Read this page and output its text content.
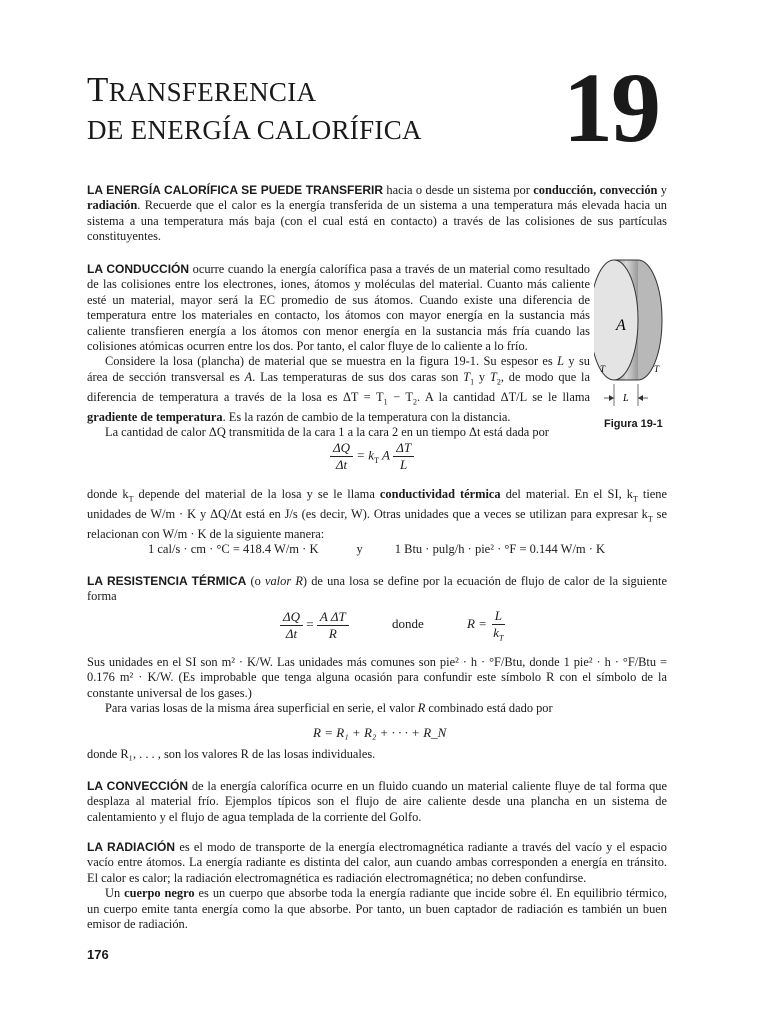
TRANSFERENCIA
DE ENERGÍA CALORÍFICA 19

LA ENERGÍA CALORÍFICA SE PUEDE TRANSFERIR hacia o desde un sistema por conducción, convección y radiación. Recuerde que el calor es la energía transferida de un sistema a una temperatura más elevada hacia un sistema a una temperatura más baja (con el cual está en contacto) a través de las colisiones de sus partículas constituyentes.

LA CONDUCCIÓN ocurre cuando la energía calorífica pasa a través de un material como resultado de las colisiones entre los electrones, iones, átomos y moléculas del material. Cuanto más caliente esté un material, mayor será la EC promedio de sus átomos. Cuando existe una diferencia de temperatura entre los materiales en contacto, los átomos con mayor energía en la sustancia más caliente transfieren energía a los átomos con menor energía en la sustancia más fría cuando las colisiones atómicas ocurren entre los dos. Por tanto, el calor fluye de lo caliente a lo frío.

Considere la losa (plancha) de material que se muestra en la figura 19-1. Su espesor es L y su área de sección transversal es A. Las temperaturas de sus dos caras son $T_1$ y $T_2$, de modo que la diferencia de temperatura a través de la losa es $\Delta T = T_1 - T_2$. A la cantidad ΔT/L se le llama gradiente de temperatura. Es la razón de cambio de la temperatura con la distancia.

La cantidad de calor ΔQ transmitida de la cara 1 a la cara 2 en un tiempo Δt está dada por

A
T	T
L
Figura 19-1
$\frac{\Delta Q}{\Delta t} = k_T$ A $\frac{\Delta T}{L}$

donde $k_T$ depende del material de la losa y se le llama conductividad térmica del material. En el SI, $k_T$ tiene unidades de W/m · K y ΔQ/Δt está en J/s (es decir, W). Otras unidades que a veces se utilizan para expresar $k_T$ se relacionan con W/m · K de la siguiente manera:

1 cal/s · cm · °C = 418.4 W/m · K	y	1 Btu · pulg/h · pie² · °F = 0.144 W/m · K

LA RESISTENCIA TÉRMICA (o valor R) de una losa se define por la ecuación de flujo de calor de la siguiente forma

$\frac{\Delta Q}{\Delta t} = \frac{\text{A ΔT}}{R}$	donde	$R = \frac{L}{k_T}$

Sus unidades en el SI son m² · K/W. Las unidades más comunes son pie² · h · °F/Btu, donde 1 pie² · h · °F/Btu = 0.176 m² · K/W. (Es improbable que tenga alguna ocasión para confundir este símbolo R con el símbolo de la constante universal de los gases.)

Para varias losas de la misma área superficial en serie, el valor R combinado está dado por

R = R₁ + R₂ + · · · + R_N

donde R₁, . . . , son los valores R de las losas individuales.

LA CONVECCIÓN de la energía calorífica ocurre en un fluido cuando un material caliente fluye de tal forma que desplaza al material frío. Ejemplos típicos son el flujo de aire caliente desde una plancha en un sistema de calentamiento y el flujo de agua templada de la corriente del Golfo.

LA RADIACIÓN es el modo de transporte de la energía electromagnética radiante a través del vacío y el espacio vacío entre átomos. La energía radiante es distinta del calor, aun cuando ambas corresponden a energía en tránsito. El calor es calor; la radiación electromagnética es radiación electromagnética; no deben confundirse.

Un cuerpo negro es un cuerpo que absorbe toda la energía radiante que incide sobre él. En equilibrio térmico, un cuerpo emite tanta energía como la que absorbe. Por tanto, un buen captador de radiación es también un buen emisor de radiación.

176
